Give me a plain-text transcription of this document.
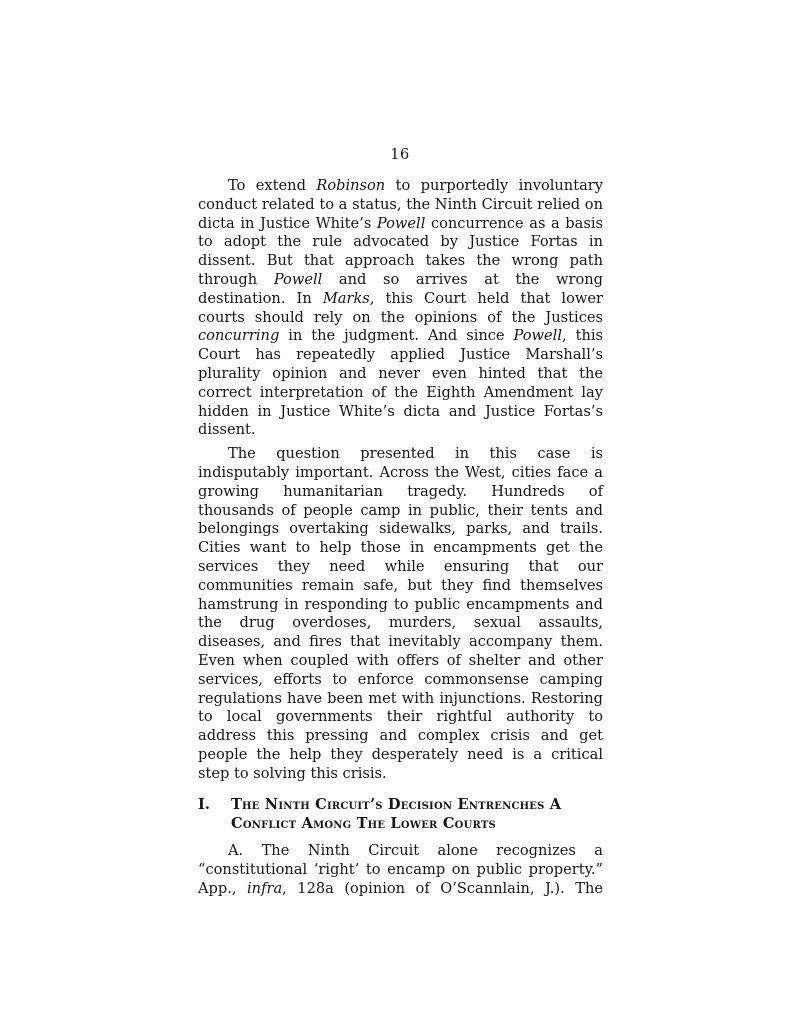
16

To extend Robinson to purportedly involuntary conduct related to a status, the Ninth Circuit relied on dicta in Justice White’s Powell concurrence as a basis to adopt the rule advocated by Justice Fortas in dissent. But that approach takes the wrong path through Powell and so arrives at the wrong destination. In Marks, this Court held that lower courts should rely on the opinions of the Justices concurring in the judgment. And since Powell, this Court has repeatedly applied Justice Marshall’s plurality opinion and never even hinted that the correct interpretation of the Eighth Amendment lay hidden in Justice White’s dicta and Justice Fortas’s dissent.

The question presented in this case is indisputably important. Across the West, cities face a growing humanitarian tragedy. Hundreds of thousands of people camp in public, their tents and belongings overtaking sidewalks, parks, and trails. Cities want to help those in encampments get the services they need while ensuring that our communities remain safe, but they find themselves hamstrung in responding to public encampments and the drug overdoses, murders, sexual assaults, diseases, and fires that inevitably accompany them. Even when coupled with offers of shelter and other services, efforts to enforce commonsense camping regulations have been met with injunctions. Restoring to local governments their rightful authority to address this pressing and complex crisis and get people the help they desperately need is a critical step to solving this crisis.

I. The Ninth Circuit’s Decision Entrenches A Conflict Among The Lower Courts

A. The Ninth Circuit alone recognizes a “constitutional ‘right’ to encamp on public property.” App., infra, 128a (opinion of O’Scannlain, J.). The
